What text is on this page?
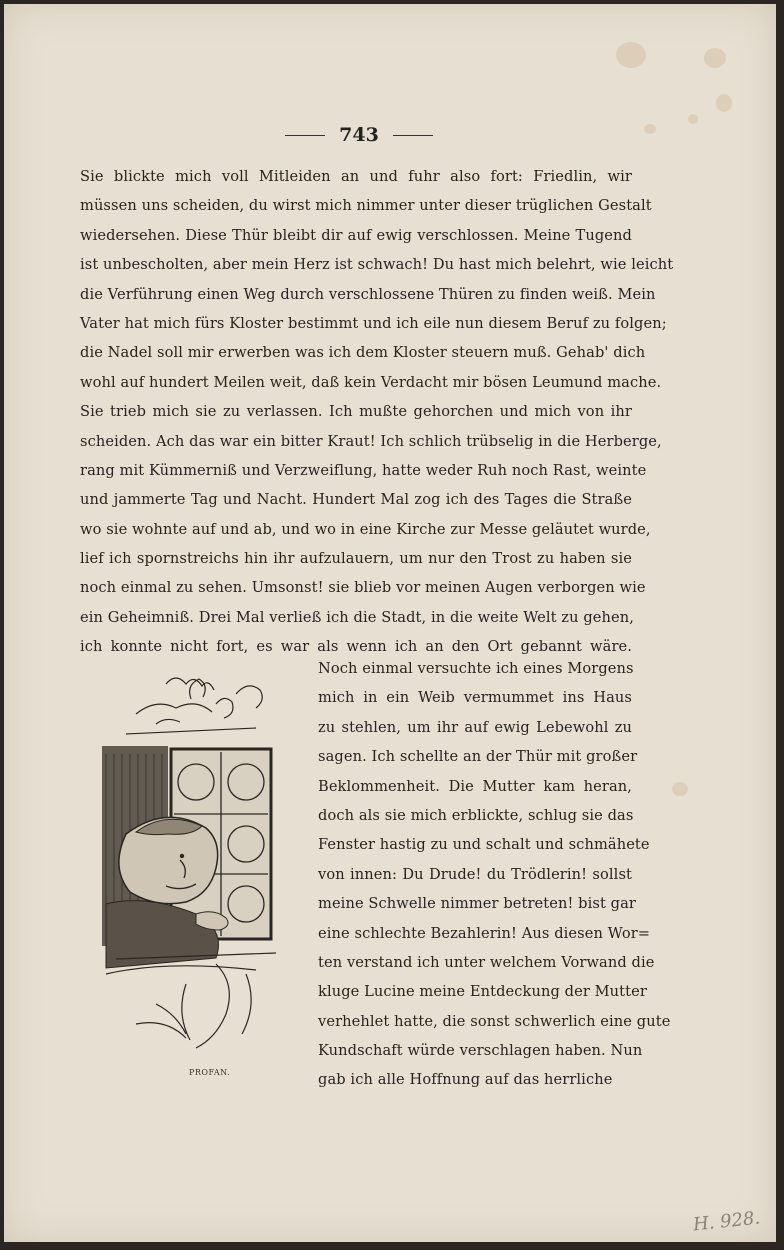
743
Sie blickte mich voll Mitleiden an und fuhr also fort: Friedlin, wir
müssen uns scheiden, du wirst mich nimmer unter dieser trüglichen Gestalt
wiedersehen. Diese Thür bleibt dir auf ewig verschlossen. Meine Tugend
ist unbescholten, aber mein Herz ist schwach! Du hast mich belehrt, wie leicht
die Verführung einen Weg durch verschlossene Thüren zu finden weiß. Mein
Vater hat mich fürs Kloster bestimmt und ich eile nun diesem Beruf zu folgen;
die Nadel soll mir erwerben was ich dem Kloster steuern muß. Gehab' dich
wohl auf hundert Meilen weit, daß kein Verdacht mir bösen Leumund mache.
Sie trieb mich sie zu verlassen. Ich mußte gehorchen und mich von ihr
scheiden. Ach das war ein bitter Kraut! Ich schlich trübselig in die Herberge,
rang mit Kümmerniß und Verzweiflung, hatte weder Ruh noch Rast, weinte
und jammerte Tag und Nacht. Hundert Mal zog ich des Tages die Straße
wo sie wohnte auf und ab, und wo in eine Kirche zur Messe geläutet wurde,
lief ich spornstreichs hin ihr aufzulauern, um nur den Trost zu haben sie
noch einmal zu sehen. Umsonst! sie blieb vor meinen Augen verborgen wie
ein Geheimniß. Drei Mal verließ ich die Stadt, in die weite Welt zu gehen,
ich konnte nicht fort, es war als wenn ich an den Ort gebannt wäre.
PROFAN.
Noch einmal versuchte ich eines Morgens
mich in ein Weib vermummet ins Haus
zu stehlen, um ihr auf ewig Lebewohl zu
sagen. Ich schellte an der Thür mit großer
Beklommenheit. Die Mutter kam heran,
doch als sie mich erblickte, schlug sie das
Fenster hastig zu und schalt und schmähete
von innen: Du Drude! du Trödlerin! sollst
meine Schwelle nimmer betreten! bist gar
eine schlechte Bezahlerin! Aus diesen Wor=
ten verstand ich unter welchem Vorwand die
kluge Lucine meine Entdeckung der Mutter
verhehlet hatte, die sonst schwerlich eine gute
Kundschaft würde verschlagen haben. Nun
gab ich alle Hoffnung auf das herrliche
H. 928.
